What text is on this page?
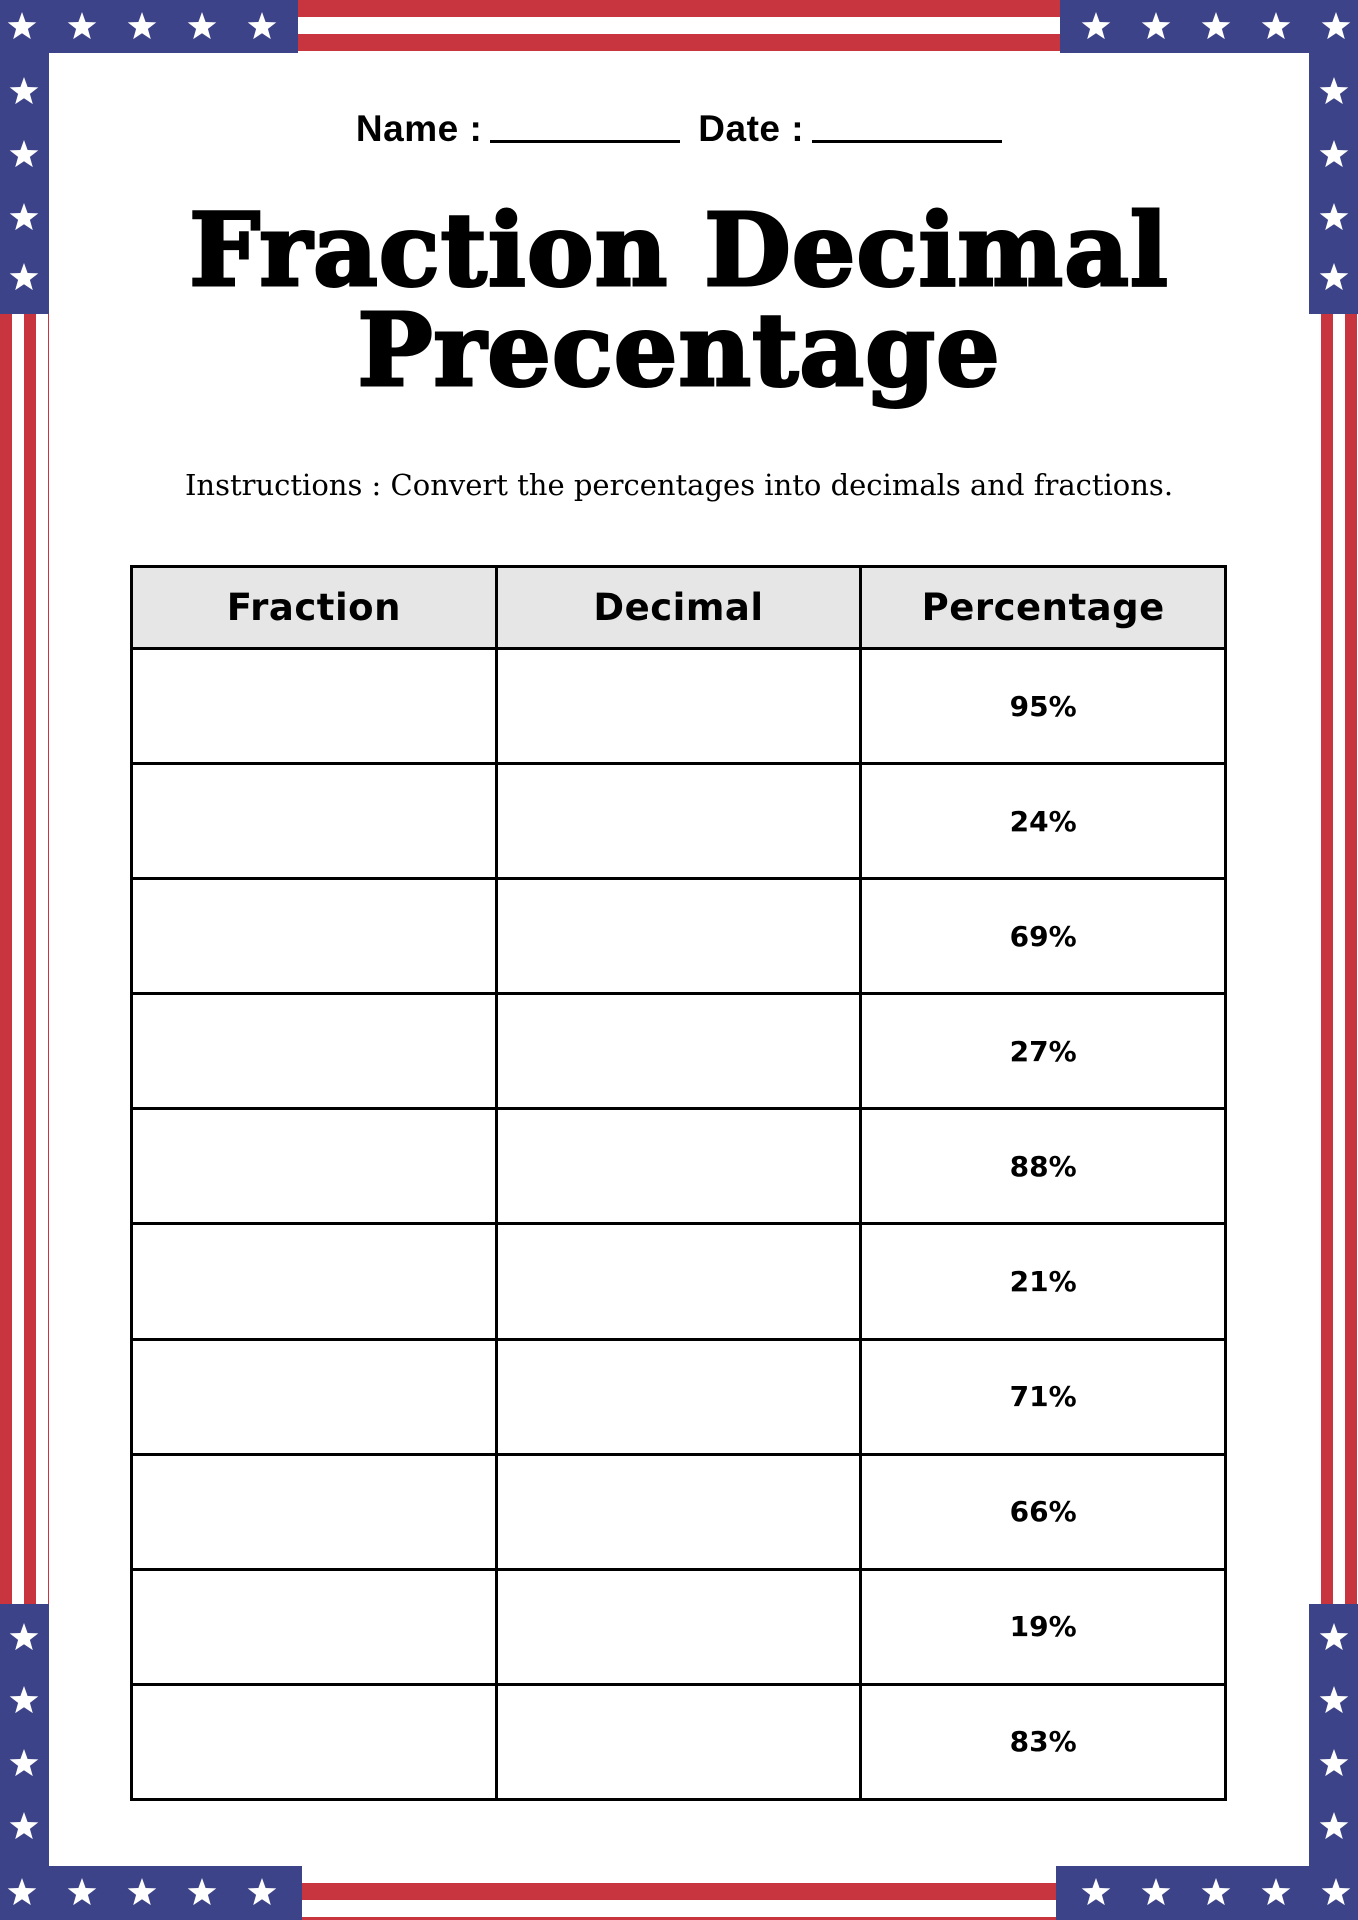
Name :	Date :
Fraction Decimal
Precentage
Instructions : Convert the percentages into decimals and fractions.
Fraction	Decimal	Percentage
		95%
		24%
		69%
		27%
		88%
		21%
		71%
		66%
		19%
		83%
